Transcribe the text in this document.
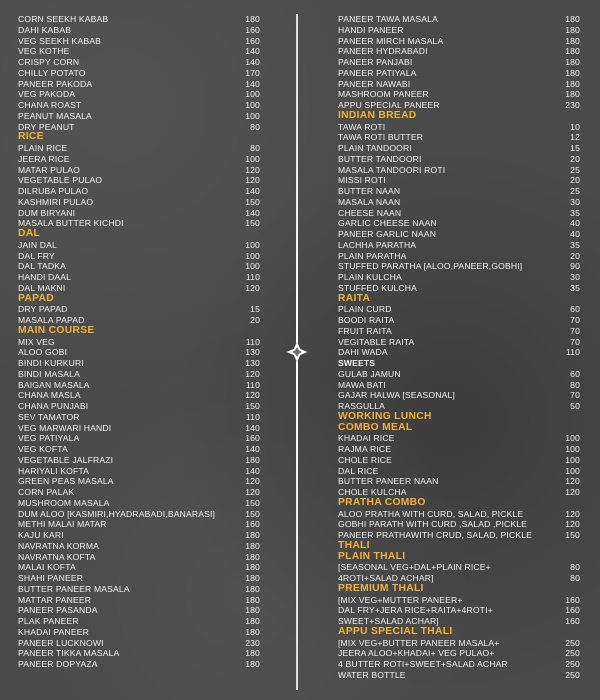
CORN SEEKH KABAB	180
DAHI KABAB	160
VEG SEEKH KABAB	160
VEG KOTHE	140
CRISPY CORN	140
CHILLY POTATO	170
PANEER PAKODA	140
VEG PAKODA	100
CHANA ROAST	100
PEANUT MASALA	100
DRY PEANUT	80
RICE
PLAIN RICE	80
JEERA RICE	100
MATAR PULAO	120
VEGETABLE PULAO	120
DILRUBA PULAO	140
KASHMIRI PULAO	150
DUM BIRYANI	140
MASALA BUTTER KICHDI	150
DAL
JAIN DAL	100
DAL FRY	100
DAL TADKA	100
HANDI DAAL	110
DAL MAKNI	120
PAPAD
DRY PAPAD	15
MASALA PAPAD	20
MAIN COURSE
MIX VEG	110
ALOO GOBI	130
BINDI KURKURI	130
BINDI MASALA	120
BAIGAN MASALA	110
CHANA MASLA	120
CHANA PUNJABI	150
SEV TAMATOR	110
VEG MARWARI HANDI	140
VEG PATIYALA	160
VEG KOFTA	140
VEGETABLE JALFRAZI	180
HARIYALI KOFTA	140
GREEN PEAS MASALA	120
CORN PALAK	120
MUSHROOM MASALA	150
DUM ALOO [KASMIRI,HYADRABADI,BANARASI]	150
METHI MALAI MATAR	160
KAJU KARI	180
NAVRATNA KORMA	180
NAVRATNA KOFTA	180
MALAI KOFTA	180
SHAHI PANEER	180
BUTTER PANEER MASALA	180
MATTAR PANEER	180
PANEER PASANDA	180
PLAK PANEER	180
KHADAI PANEER	180
PANEER LUCKNOWI	230
PANEER TIKKA MASALA	180
PANEER DOPYAZA	180
PANEER TAWA MASALA	180
HANDI PANEER	180
PANEER MIRCH MASALA	180
PANEER HYDRABADI	180
PANEER PANJABI	180
PANEER PATIYALA	180
PANEER NAWABI	180
MASHROOM PANEER	180
APPU SPECIAL PANEER	230
INDIAN BREAD
TAWA ROTI	10
TAWA ROTI BUTTER	12
PLAIN TANDOORI	15
BUTTER TANDOORI	20
MASALA TANDOORI ROTI	25
MISSI ROTI	20
BUTTER NAAN	25
MASALA NAAN	30
CHEESE NAAN	35
GARLIC CHEESE NAAN	40
PANEER GARLIC NAAN	40
LACHHA PARATHA	35
PLAIN PARATHA	20
STUFFED PARATHA [ALOO,PANEER,GOBHI]	90
PLAIN KULCHA	30
STUFFED KULCHA	35
RAITA
PLAIN CURD	60
BOODI RAITA	70
FRUIT RAITA	70
VEGITABLE RAITA	70
DAHI WADA	110
SWEETS
GULAB JAMUN	60
MAWA BATI	80
GAJAR HALWA [SEASONAL]	70
RASGULLA	50
WORKING LUNCH
COMBO MEAL
KHADAI RICE	100
RAJMA RICE	100
CHOLE RICE	100
DAL RICE	100
BUTTER PANEER NAAN	120
CHOLE KULCHA	120
PRATHA COMBO
ALOO PRATHA WITH CURD, SALAD, PICKLE	120
GOBHI PARATH WITH CURD ,SALAD ,PICKLE	120
PANEER PRATHAWITH CRUD, SALAD, PICKLE	150
THALI
PLAIN THALI
[SEASONAL VEG+DAL+PLAIN RICE+	80
4ROTI+SALAD ACHAR]	80
PREMIUM THALI
[MIX VEG+MUTTER PANEER+	160
DAL FRY+JERA RICE+RAITA+4ROTI+	160
SWEET+SALAD ACHAR]	160
APPU SPECIAL THALI
[MIX VEG+BUTTER PANEER MASALA+	250
JEERA ALOO+KHADAI+ VEG PULAO+	250
4 BUTTER ROTI+SWEET+SALAD ACHAR	250
WATER BOTTLE	250
